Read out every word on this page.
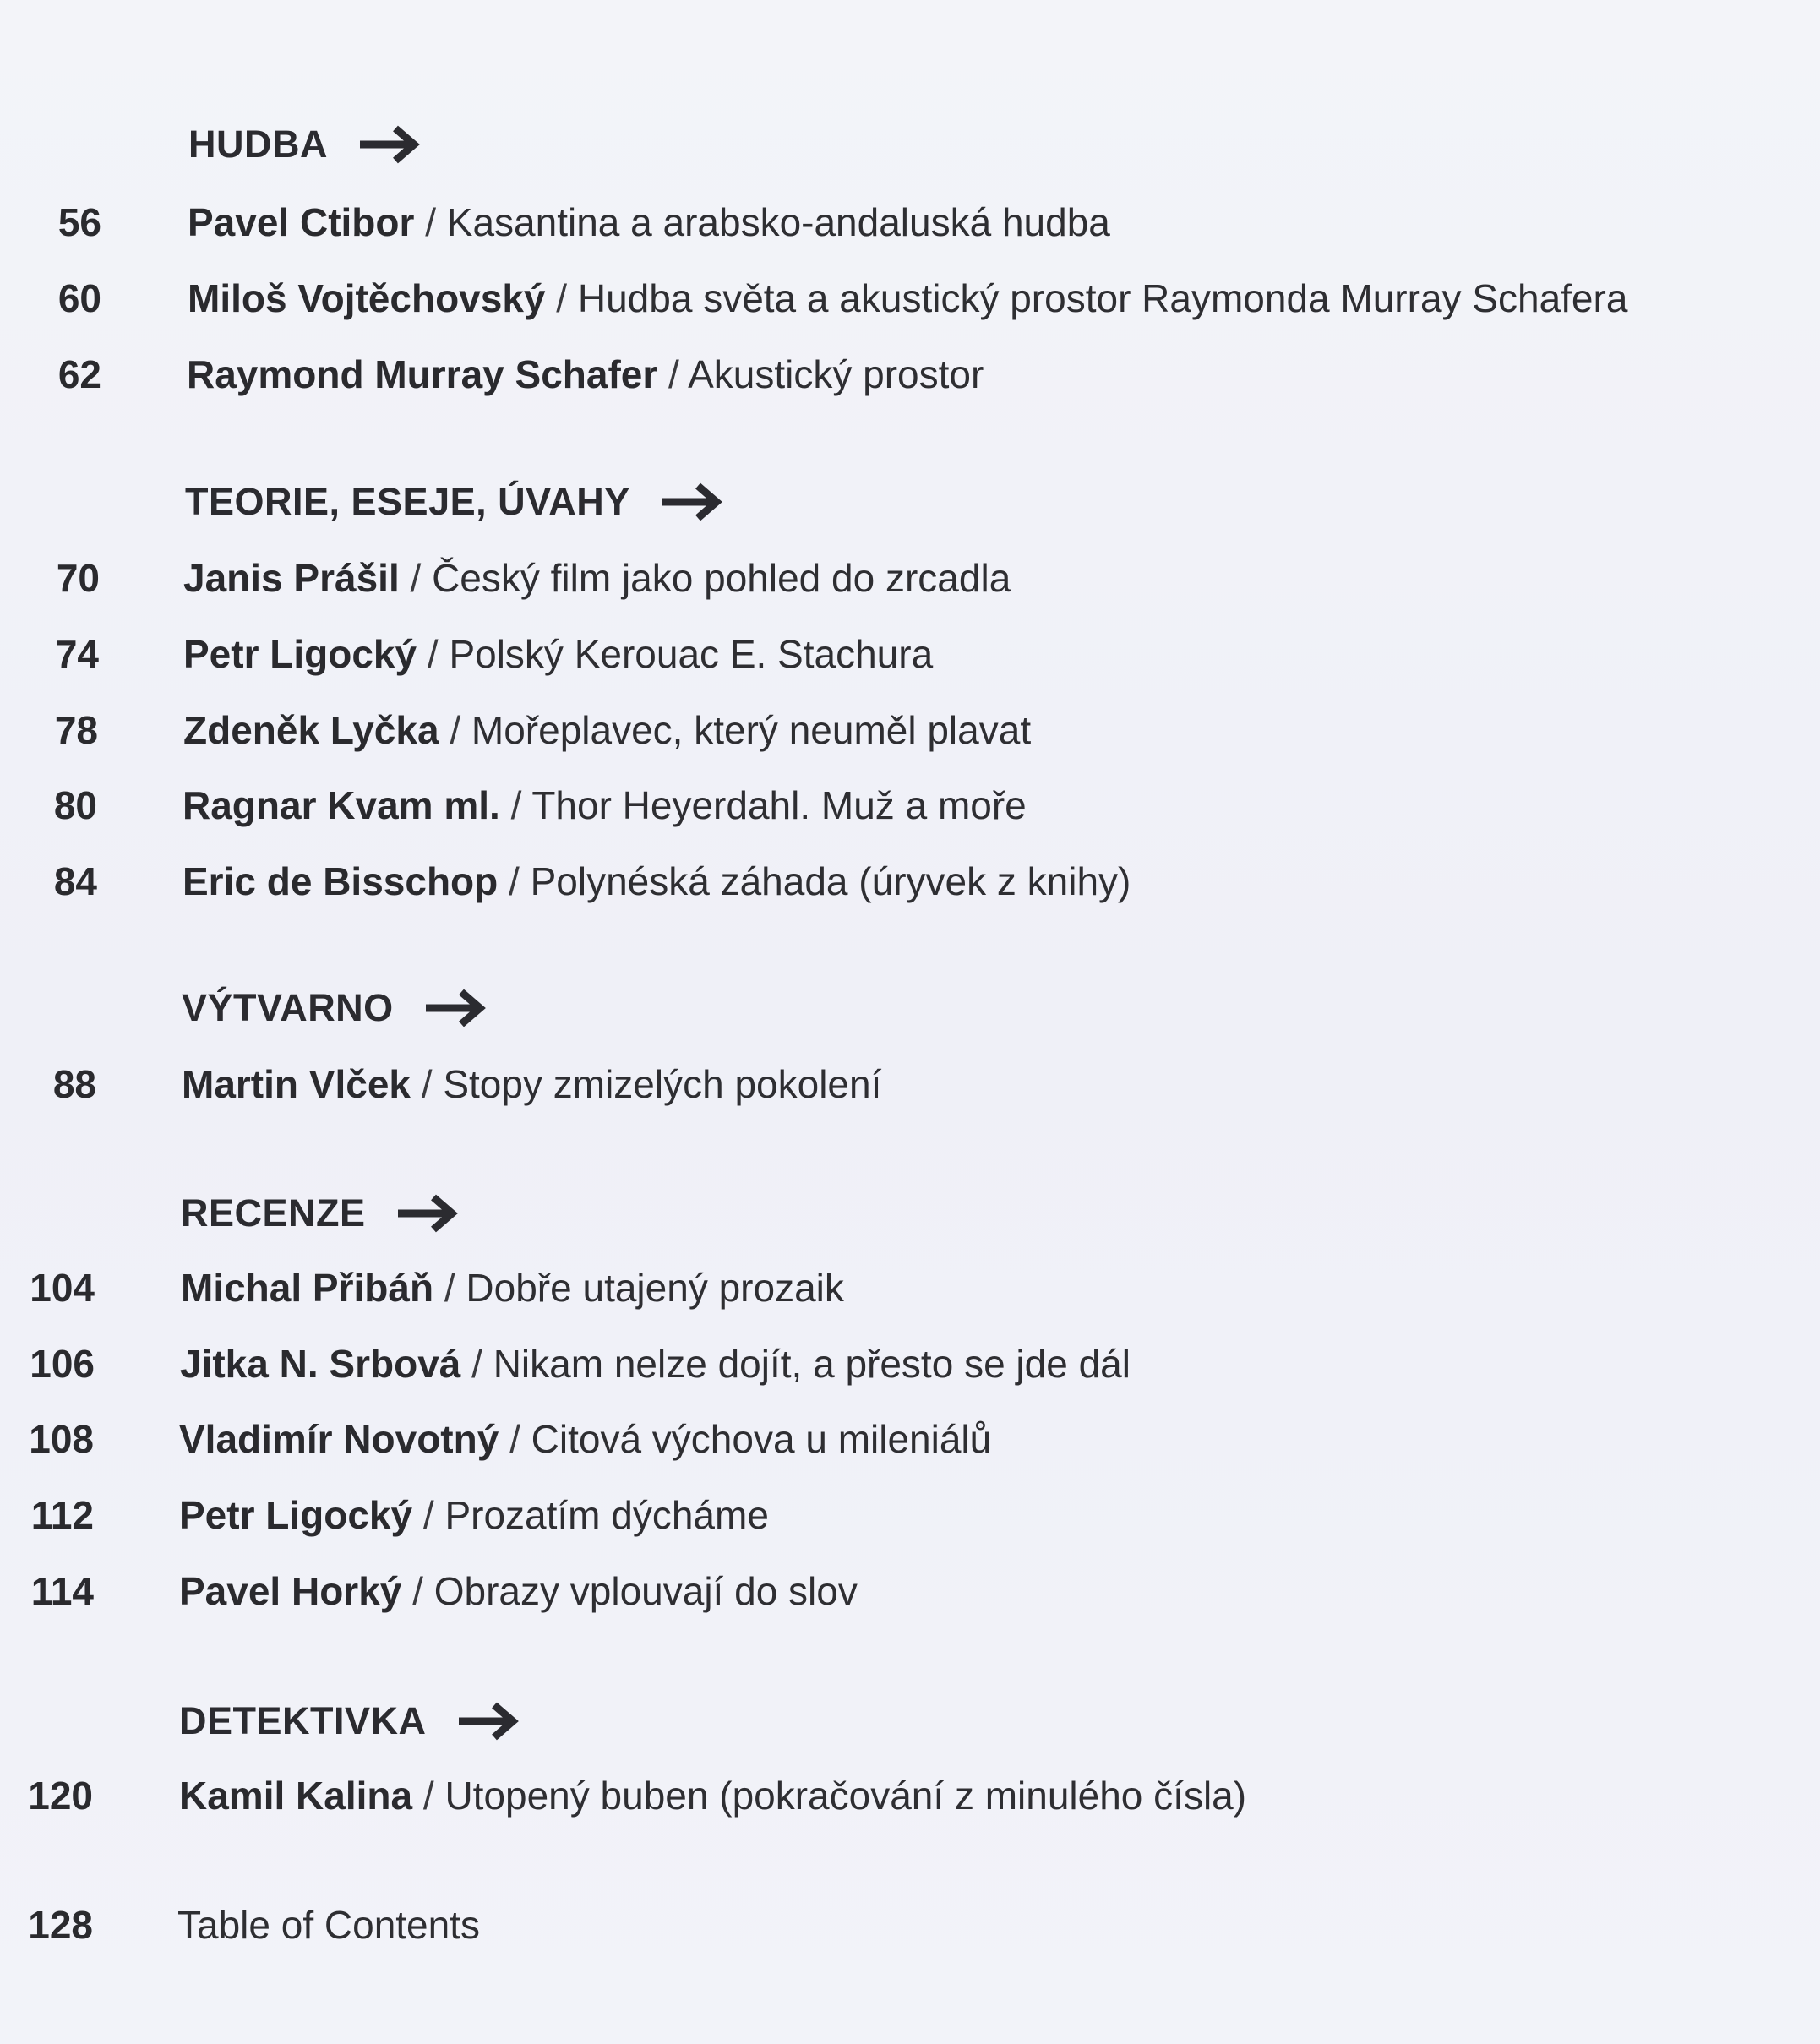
HUDBA
56 Pavel Ctibor / Kasantina a arabsko-andaluská hudba
60 Miloš Vojtěchovský / Hudba světa a akustický prostor Raymonda Murray Schafera
62 Raymond Murray Schafer / Akustický prostor
TEORIE, ESEJE, ÚVAHY
70 Janis Prášil / Český film jako pohled do zrcadla
74 Petr Ligocký / Polský Kerouac E. Stachura
78 Zdeněk Lyčka / Mořeplavec, který neuměl plavat
80 Ragnar Kvam ml. / Thor Heyerdahl. Muž a moře
84 Eric de Bisschop / Polynéská záhada (úryvek z knihy)
VÝTVARNO
88 Martin Vlček / Stopy zmizelých pokolení
RECENZE
104 Michal Přibáň / Dobře utajený prozaik
106 Jitka N. Srbová / Nikam nelze dojít, a přesto se jde dál
108 Vladimír Novotný / Citová výchova u mileniálů
112 Petr Ligocký / Prozatím dýcháme
114 Pavel Horký / Obrazy vplouvají do slov
DETEKTIVKA
120 Kamil Kalina / Utopený buben (pokračování z minulého čísla)
128 Table of Contents
